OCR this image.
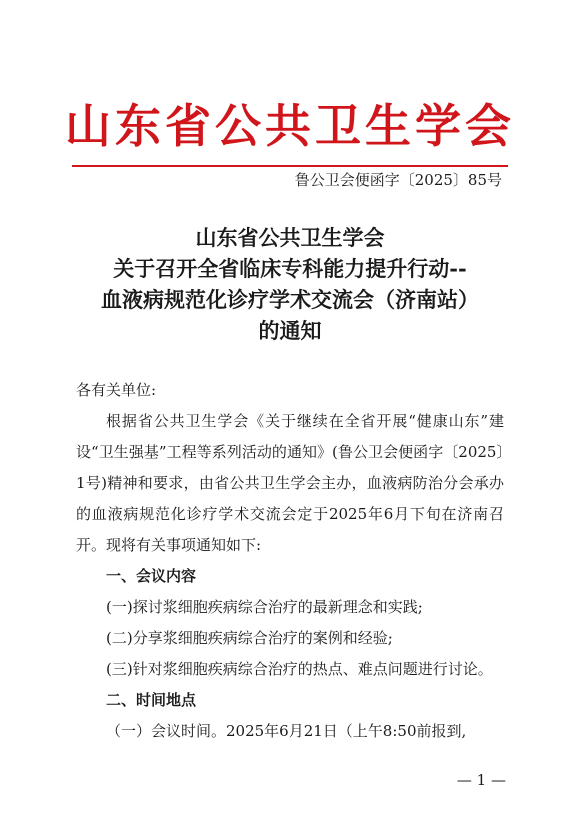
山东省公共卫生学会
鲁公卫会便函字〔2025〕85号
山东省公共卫生学会
关于召开全省临床专科能力提升行动--
血液病规范化诊疗学术交流会（济南站）
的通知

各有关单位:

根据省公共卫生学会《关于继续在全省开展“健康山东”建设“卫生强基”工程等系列活动的通知》(鲁公卫会便函字〔2025〕1号)精神和要求，由省公共卫生学会主办，血液病防治分会承办的血液病规范化诊疗学术交流会定于2025年6月下旬在济南召开。现将有关事项通知如下:

一、会议内容

(一)探讨浆细胞疾病综合治疗的最新理念和实践;

(二)分享浆细胞疾病综合治疗的案例和经验;

(三)针对浆细胞疾病综合治疗的热点、难点问题进行讨论。

二、时间地点

（一）会议时间。2025年6月21日（上午8:50前报到,

— 1 —
